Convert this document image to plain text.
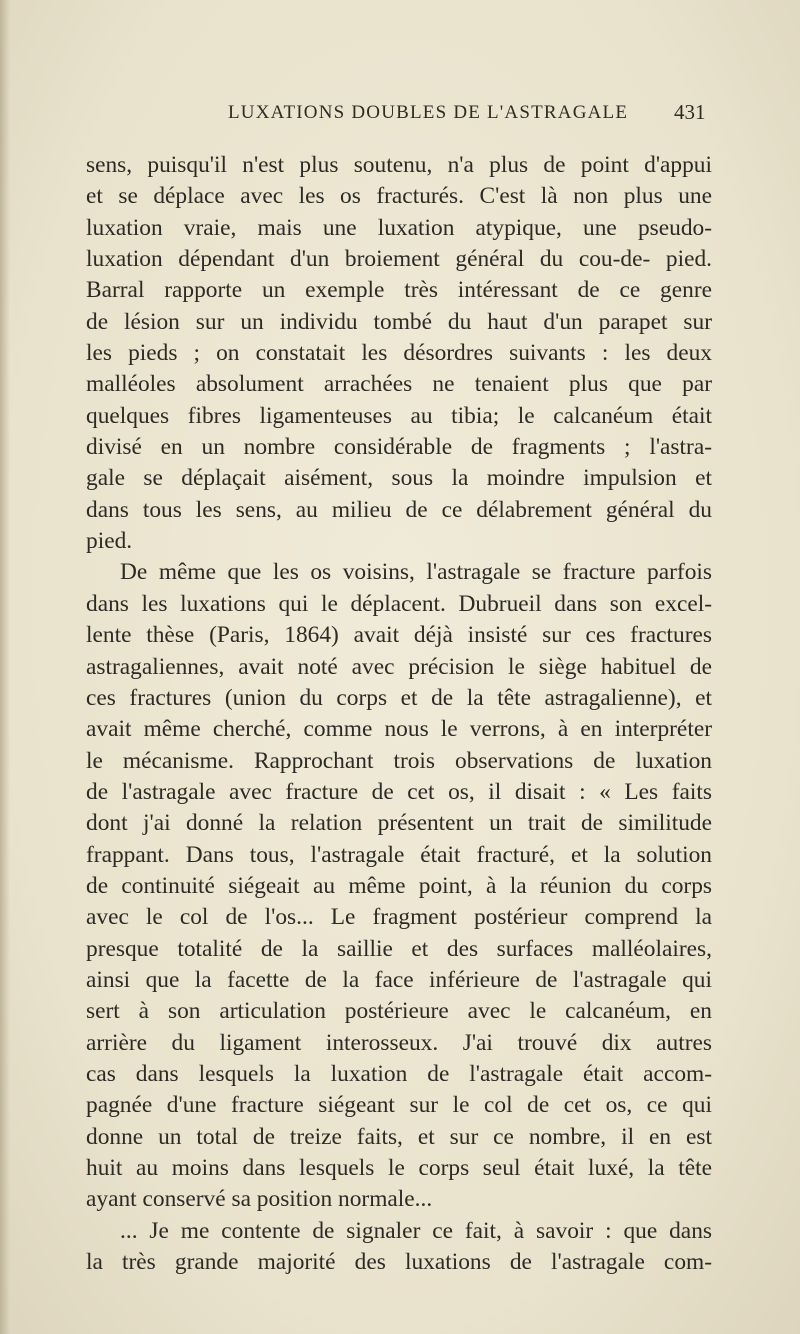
LUXATIONS DOUBLES DE L'ASTRAGALE 431
sens, puisqu'il n'est plus soutenu, n'a plus de point d'appui
et se déplace avec les os fracturés. C'est là non plus une
luxation vraie, mais une luxation atypique, une pseudo-
luxation dépendant d'un broiement général du cou-de- pied.
Barral rapporte un exemple très intéressant de ce genre
de lésion sur un individu tombé du haut d'un parapet sur
les pieds ; on constatait les désordres suivants : les deux
malléoles absolument arrachées ne tenaient plus que par
quelques fibres ligamenteuses au tibia; le calcanéum était
divisé en un nombre considérable de fragments ; l'astra-
gale se déplaçait aisément, sous la moindre impulsion et
dans tous les sens, au milieu de ce délabrement général du
pied.
De même que les os voisins, l'astragale se fracture parfois
dans les luxations qui le déplacent. Dubrueil dans son excel-
lente thèse (Paris, 1864) avait déjà insisté sur ces fractures
astragaliennes, avait noté avec précision le siège habituel de
ces fractures (union du corps et de la tête astragalienne), et
avait même cherché, comme nous le verrons, à en interpréter
le mécanisme. Rapprochant trois observations de luxation
de l'astragale avec fracture de cet os, il disait : « Les faits
dont j'ai donné la relation présentent un trait de similitude
frappant. Dans tous, l'astragale était fracturé, et la solution
de continuité siégeait au même point, à la réunion du corps
avec le col de l'os... Le fragment postérieur comprend la
presque totalité de la saillie et des surfaces malléolaires,
ainsi que la facette de la face inférieure de l'astragale qui
sert à son articulation postérieure avec le calcanéum, en
arrière du ligament interosseux. J'ai trouvé dix autres
cas dans lesquels la luxation de l'astragale était accom-
pagnée d'une fracture siégeant sur le col de cet os, ce qui
donne un total de treize faits, et sur ce nombre, il en est
huit au moins dans lesquels le corps seul était luxé, la tête
ayant conservé sa position normale...
... Je me contente de signaler ce fait, à savoir : que dans
la très grande majorité des luxations de l'astragale com-
